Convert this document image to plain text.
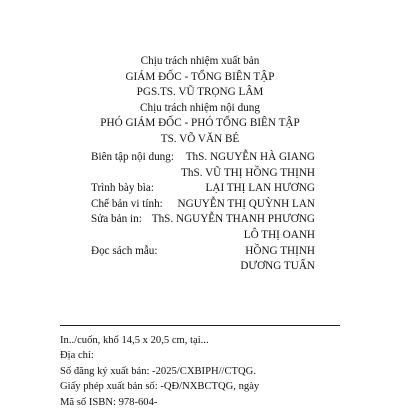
Chịu trách nhiệm xuất bản
GIÁM ĐỐC - TỔNG BIÊN TẬP
PGS.TS. VŨ TRỌNG LÂM
Chịu trách nhiệm nội dung
PHÓ GIÁM ĐỐC - PHÓ TỔNG BIÊN TẬP
TS. VÕ VĂN BÉ
Biên tập nội dung:	ThS. NGUYỄN HÀ GIANG
ThS. VŨ THỊ HỒNG THỊNH
Trình bày bìa:	LẠI THỊ LAN HƯƠNG
Chế bản vi tính: NGUYỄN THỊ QUỲNH LAN
Sửa bản in: ThS. NGUYỄN THANH PHƯƠNG
LÔ THỊ OANH
Đọc sách mẫu:	HỒNG THỊNH
DƯƠNG TUẤN
In../cuốn, khổ 14,5 x 20,5 cm, tại...
Địa chỉ:
Số đăng ký xuất bản: -2025/CXBIPH//CTQG.
Giấy phép xuất bản số: -QĐ/NXBCTQG, ngày
Mã số ISBN: 978-604-
